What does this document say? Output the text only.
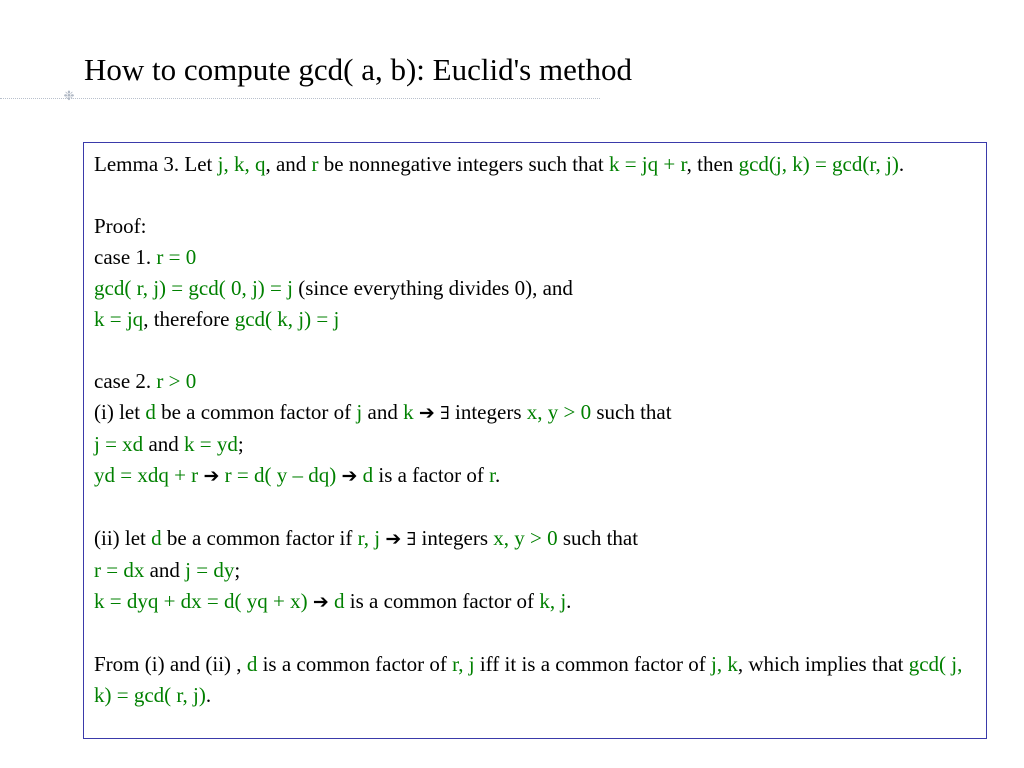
How to compute gcd( a, b): Euclid's method
❉
Lemma 3. Let j, k, q, and r be nonnegative integers such that k = jq + r, then gcd(j, k) = gcd(r, j).
Proof:
case 1. r = 0
gcd( r, j) = gcd( 0, j) = j (since everything divides 0), and
k = jq, therefore gcd( k, j) = j
case 2. r > 0
(i) let d be a common factor of j and k ➔ ∃ integers x, y > 0 such that
j = xd and k = yd;
yd = xdq + r ➔ r = d( y – dq) ➔ d is a factor of r.
(ii) let d be a common factor if r, j ➔ ∃ integers x, y > 0 such that
r = dx and j = dy;
k = dyq + dx = d( yq + x) ➔ d is a common factor of k, j.
From (i) and (ii) , d is a common factor of r, j iff it is a common factor of j, k, which implies that gcd( j, k) = gcd( r, j).
